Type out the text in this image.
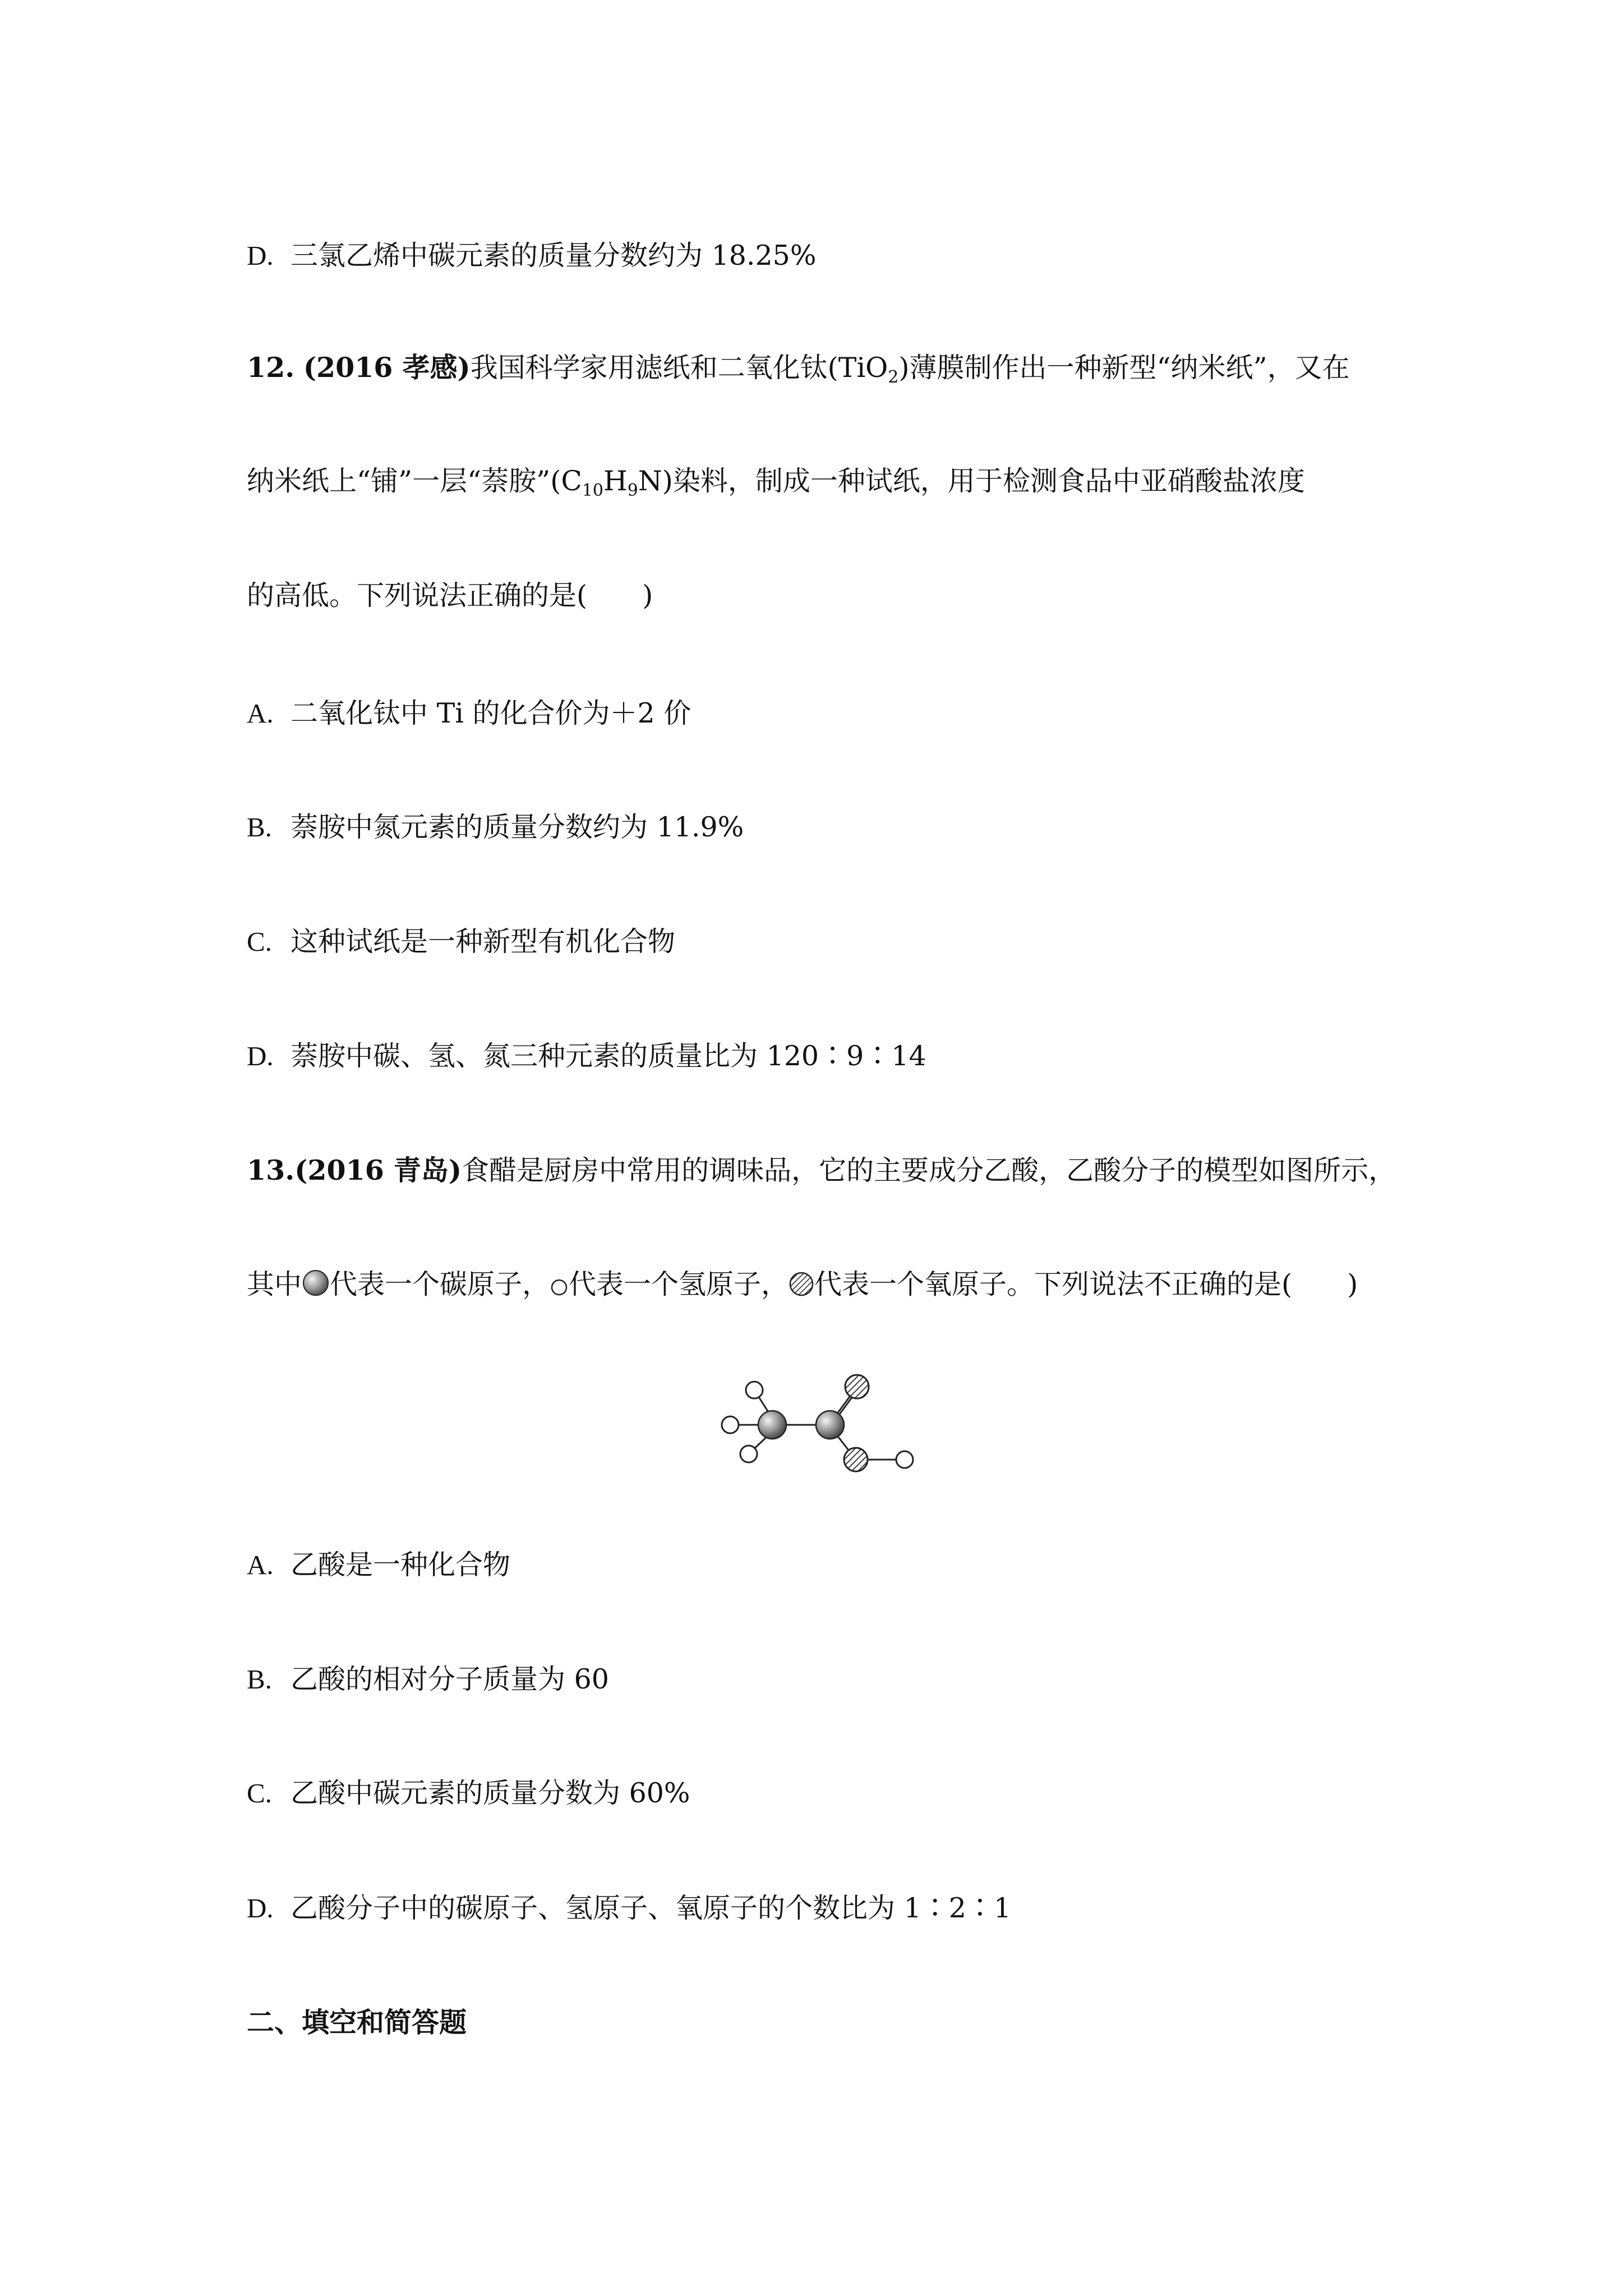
D. 三氯乙烯中碳元素的质量分数约为 18.25%
12. (2016 孝感)我国科学家用滤纸和二氧化钛(TiO$_2$)薄膜制作出一种新型“纳米纸”，又在
纳米纸上“铺”一层“萘胺$”(C_{10}H_9N)$染料，制成一种试纸，用于检测食品中亚硝酸盐浓度
的高低。下列说法正确的是(　　)
A. 二氧化钛中 Ti 的化合价为＋2 价
B. 萘胺中氮元素的质量分数约为 11.9%
C. 这种试纸是一种新型有机化合物
D. 萘胺中碳、氢、氮三种元素的质量比为 120∶9∶14
13.(2016 青岛)食醋是厨房中常用的调味品，它的主要成分乙酸，乙酸分子的模型如图所示，
其中 代表一个碳原子， 代表一个氢原子， 代表一个氧原子。下列说法不正确的是(　　)
A. 乙酸是一种化合物
B. 乙酸的相对分子质量为 60
C. 乙酸中碳元素的质量分数为 60%
D. 乙酸分子中的碳原子、氢原子、氧原子的个数比为 1∶2∶1
二、填空和简答题
